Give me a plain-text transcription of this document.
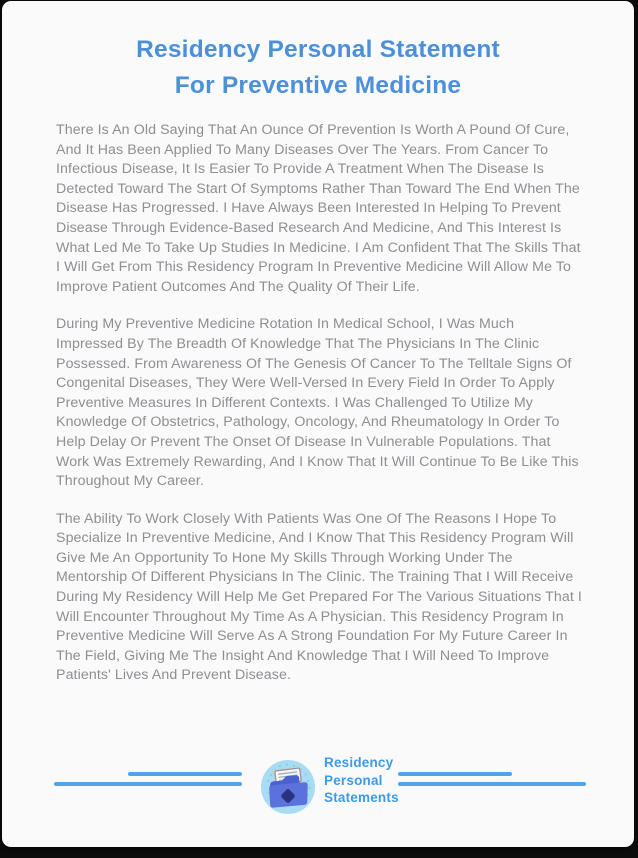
Residency Personal Statement
For Preventive Medicine

There Is An Old Saying That An Ounce Of Prevention Is Worth A Pound Of Cure, And It Has Been Applied To Many Diseases Over The Years. From Cancer To Infectious Disease, It Is Easier To Provide A Treatment When The Disease Is Detected Toward The Start Of Symptoms Rather Than Toward The End When The Disease Has Progressed. I Have Always Been Interested In Helping To Prevent Disease Through Evidence-Based Research And Medicine, And This Interest Is What Led Me To Take Up Studies In Medicine. I Am Confident That The Skills That I Will Get From This Residency Program In Preventive Medicine Will Allow Me To Improve Patient Outcomes And The Quality Of Their Life.

During My Preventive Medicine Rotation In Medical School, I Was Much Impressed By The Breadth Of Knowledge That The Physicians In The Clinic Possessed. From Awareness Of The Genesis Of Cancer To The Telltale Signs Of Congenital Diseases, They Were Well-Versed In Every Field In Order To Apply Preventive Measures In Different Contexts. I Was Challenged To Utilize My Knowledge Of Obstetrics, Pathology, Oncology, And Rheumatology In Order To Help Delay Or Prevent The Onset Of Disease In Vulnerable Populations. That Work Was Extremely Rewarding, And I Know That It Will Continue To Be Like This Throughout My Career.

The Ability To Work Closely With Patients Was One Of The Reasons I Hope To Specialize In Preventive Medicine, And I Know That This Residency Program Will Give Me An Opportunity To Hone My Skills Through Working Under The Mentorship Of Different Physicians In The Clinic. The Training That I Will Receive During My Residency Will Help Me Get Prepared For The Various Situations That I Will Encounter Throughout My Time As A Physician. This Residency Program In Preventive Medicine Will Serve As A Strong Foundation For My Future Career In The Field, Giving Me The Insight And Knowledge That I Will Need To Improve Patients' Lives And Prevent Disease.

Residency
Personal
Statements
